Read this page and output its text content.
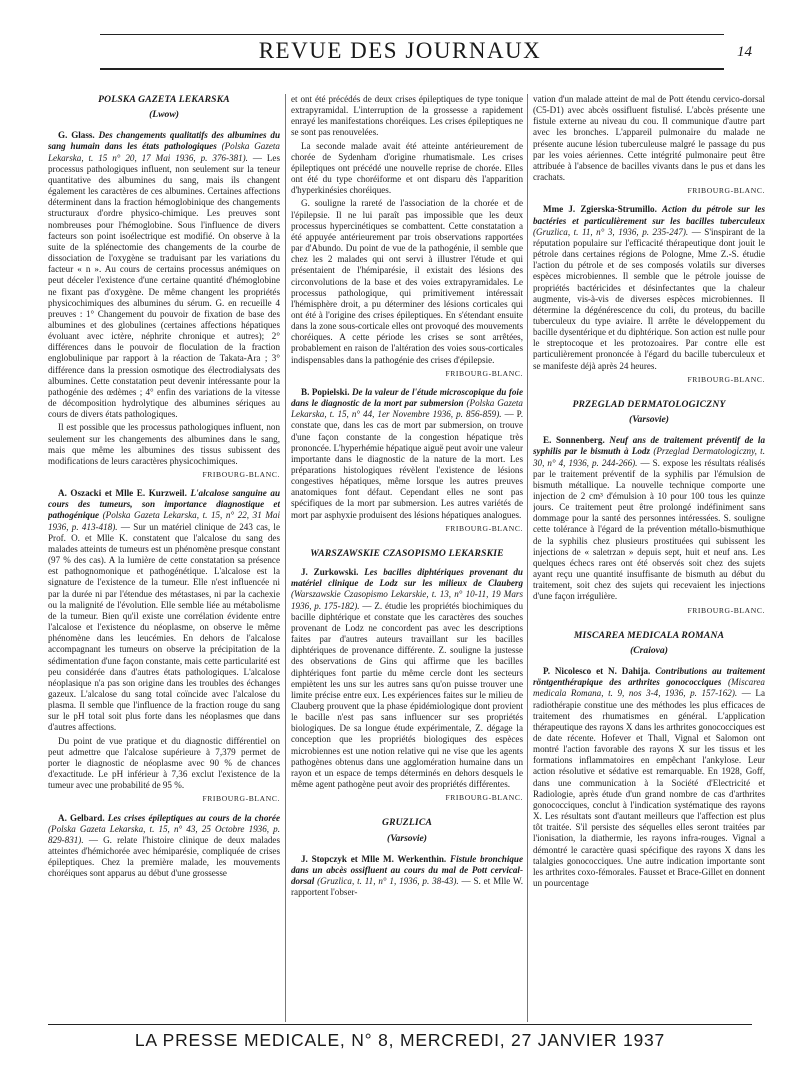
REVUE DES JOURNAUX	14
POLSKA GAZETA LEKARSKA
(Lwow)

G. Glass. Des changements qualitatifs des albumines du sang humain dans les états pathologiques (Polska Gazeta Lekarska, t. 15 n° 20, 17 Mai 1936, p. 376-381). — Les processus pathologiques influent, non seulement sur la teneur quantitative des albumines du sang, mais ils changent également les caractères de ces albumines. Certaines affections déterminent dans la fraction hémoglobinique des changements structuraux d'ordre physico-chimique. Les preuves sont nombreuses pour l'hémoglobine. Sous l'influence de divers facteurs son point isoélectrique est modifié. On observe à la suite de la splénectomie des changements de la courbe de dissociation de l'oxygène se traduisant par les variations du facteur « n ». Au cours de certains processus anémiques on peut déceler l'existence d'une certaine quantité d'hémoglobine ne fixant pas d'oxygène. De même changent les propriétés physicochimiques des albumines du sérum. G. en recueille 4 preuves : 1° Changement du pouvoir de fixation de base des albumines et des globulines (certaines affections hépatiques évoluant avec ictère, néphrite chronique et autres); 2° différences dans le pouvoir de floculation de la fraction englobulinique par rapport à la réaction de Takata-Ara ; 3° différence dans la pression osmotique des électrodialysats des albumines. Cette constatation peut devenir intéressante pour la pathogénie des œdèmes ; 4° enfin des variations de la vitesse de décomposition hydrolytique des albumines sériques au cours de divers états pathologiques.

Il est possible que les processus pathologiques influent, non seulement sur les changements des albumines dans le sang, mais que même les albumines des tissus subissent des modifications de leurs caractères physicochimiques.

FRIBOURG-BLANC.

A. Oszacki et Mlle E. Kurzweil. L'alcalose sanguine au cours des tumeurs, son importance diagnostique et pathogénique (Polska Gazeta Lekarska, t. 15, n° 22, 31 Mai 1936, p. 413-418). — Sur un matériel clinique de 243 cas, le Prof. O. et Mlle K. constatent que l'alcalose du sang des malades atteints de tumeurs est un phénomène presque constant (97 % des cas). A la lumière de cette constatation sa présence est pathognomonique et pathogénétique. L'alcalose est la signature de l'existence de la tumeur. Elle n'est influencée ni par la durée ni par l'étendue des métastases, ni par la cachexie ou la malignité de l'évolution. Elle semble liée au métabolisme de la tumeur. Bien qu'il existe une corrélation évidente entre l'alcalose et l'existence du néoplasme, on observe le même phénomène dans les leucémies. En dehors de l'alcalose accompagnant les tumeurs on observe la précipitation de la sédimentation d'une façon constante, mais cette particularité est peu considérée dans d'autres états pathologiques. L'alcalose néoplasique n'a pas son origine dans les troubles des échanges gazeux. L'alcalose du sang total coïncide avec l'alcalose du plasma. Il semble que l'influence de la fraction rouge du sang sur le pH total soit plus forte dans les néoplasmes que dans d'autres affections.

Du point de vue pratique et du diagnostic différentiel on peut admettre que l'alcalose supérieure à 7,379 permet de porter le diagnostic de néoplasme avec 90 % de chances d'exactitude. Le pH inférieur à 7,36 exclut l'existence de la tumeur avec une probabilité de 95 %.

FRIBOURG-BLANC.

A. Gelbard. Les crises épileptiques au cours de la chorée (Polska Gazeta Lekarska, t. 15, n° 43, 25 Octobre 1936, p. 829-831). — G. relate l'histoire clinique de deux malades atteintes d'hémichorée avec hémiparésie, compliquée de crises épileptiques. Chez la première malade, les mouvements choréiques sont apparus au début d'une grossesse

et ont été précédés de deux crises épileptiques de type tonique extrapyramidal. L'interruption de la grossesse a rapidement enrayé les manifestations choréiques. Les crises épileptiques ne se sont pas renouvelées.

La seconde malade avait été atteinte antérieurement de chorée de Sydenham d'origine rhumatismale. Les crises épileptiques ont précédé une nouvelle reprise de chorée. Elles ont été du type choréiforme et ont disparu dès l'apparition d'hyperkinésies choréiques.

G. souligne la rareté de l'association de la chorée et de l'épilepsie. Il ne lui paraît pas impossible que les deux processus hypercinétiques se combattent. Cette constatation a été appuyée antérieurement par trois observations rapportées par d'Abundo. Du point de vue de la pathogénie, il semble que chez les 2 malades qui ont servi à illustrer l'étude et qui présentaient de l'hémiparésie, il existait des lésions des circonvolutions de la base et des voies extrapyramidales. Le processus pathologique, qui primitivement intéressait l'hémisphère droit, a pu déterminer des lésions corticales qui ont été à l'origine des crises épileptiques. En s'étendant ensuite dans la zone sous-corticale elles ont provoqué des mouvements choréiques. A cette période les crises se sont arrêtées, probablement en raison de l'altération des voies sous-corticales indispensables dans la pathogénie des crises d'épilepsie.

FRIBOURG-BLANC.

B. Popielski. De la valeur de l'étude microscopique du foie dans le diagnostic de la mort par submersion (Polska Gazeta Lekarska, t. 15, n° 44, 1er Novembre 1936, p. 856-859). — P. constate que, dans les cas de mort par submersion, on trouve d'une façon constante de la congestion hépatique très prononcée. L'hyperhémie hépatique aiguë peut avoir une valeur importante dans le diagnostic de la nature de la mort. Les préparations histologiques révèlent l'existence de lésions congestives hépatiques, même lorsque les autres preuves anatomiques font défaut. Cependant elles ne sont pas spécifiques de la mort par submersion. Les autres variétés de mort par asphyxie produisent des lésions hépatiques analogues.

FRIBOURG-BLANC.
WARSZAWSKIE CZASOPISMO LEKARSKIE

J. Zurkowski. Les bacilles diphtériques provenant du matériel clinique de Lodz sur les milieux de Clauberg (Warszawskie Czasopismo Lekarskie, t. 13, n° 10-11, 19 Mars 1936, p. 175-182). — Z. étudie les propriétés biochimiques du bacille diphtérique et constate que les caractères des souches provenant de Lodz ne concordent pas avec les descriptions faites par d'autres auteurs travaillant sur les bacilles diphtériques de provenance différente. Z. souligne la justesse des observations de Gins qui affirme que les bacilles diphtériques font partie du même cercle dont les secteurs empiètent les uns sur les autres sans qu'on puisse trouver une limite précise entre eux. Les expériences faites sur le milieu de Clauberg prouvent que la phase épidémiologique dont provient le bacille n'est pas sans influencer sur ses propriétés biologiques. De sa longue étude expérimentale, Z. dégage la conception que les propriétés biologiques des espèces microbiennes est une notion relative qui ne vise que les agents pathogènes obtenus dans une agglomération humaine dans un rayon et un espace de temps déterminés en dehors desquels le même agent pathogène peut avoir des propriétés différentes.

FRIBOURG-BLANC.
GRUZLICA
(Varsovie)

J. Stopczyk et Mlle M. Werkenthin. Fistule bronchique dans un abcès ossifluent au cours du mal de Pott cervical-dorsal (Gruzlica, t. 11, n° 1, 1936, p. 38-43). — S. et Mlle W. rapportent l'obser-

vation d'un malade atteint de mal de Pott étendu cervico-dorsal (C5-D1) avec abcès ossifluent fistulisé. L'abcès présente une fistule externe au niveau du cou. Il communique d'autre part avec les bronches. L'appareil pulmonaire du malade ne présente aucune lésion tuberculeuse malgré le passage du pus par les voies aériennes. Cette intégrité pulmonaire peut être attribuée à l'absence de bacilles vivants dans le pus et dans les crachats.

FRIBOURG-BLANC.

Mme J. Zgierska-Strumillo. Action du pétrole sur les bactéries et particulièrement sur les bacilles tuberculeux (Gruzlica, t. 11, n° 3, 1936, p. 235-247). — S'inspirant de la réputation populaire sur l'efficacité thérapeutique dont jouit le pétrole dans certaines régions de Pologne, Mme Z.-S. étudie l'action du pétrole et de ses composés volatils sur diverses espèces microbiennes. Il semble que le pétrole jouisse de propriétés bactéricides et désinfectantes que la chaleur augmente, vis-à-vis de diverses espèces microbiennes. Il détermine la dégénérescence du coli, du proteus, du bacille tuberculeux du type aviaire. Il arrête le développement du bacille dysentérique et du diphtérique. Son action est nulle pour le streptocoque et les protozoaires. Par contre elle est particulièrement prononcée à l'égard du bacille tuberculeux et se manifeste déjà après 24 heures.

FRIBOURG-BLANC.
PRZEGLAD DERMATOLOGICZNY
(Varsovie)

E. Sonnenberg. Neuf ans de traitement préventif de la syphilis par le bismuth à Lodz (Przeglad Dermatologiczny, t. 30, n° 4, 1936, p. 244-266). — S. expose les résultats réalisés par le traitement préventif de la syphilis par l'émulsion de bismuth métallique. La nouvelle technique comporte une injection de 2 cm³ d'émulsion à 10 pour 100 tous les quinze jours. Ce traitement peut être prolongé indéfiniment sans dommage pour la santé des personnes intéressées. S. souligne cette tolérance à l'égard de la prévention métallo-bismuthique de la syphilis chez plusieurs prostituées qui subissent les injections de « saletrzan » depuis sept, huit et neuf ans. Les quelques échecs rares ont été observés soit chez des sujets ayant reçu une quantité insuffisante de bismuth au début du traitement, soit chez des sujets qui recevaient les injections d'une façon irrégulière.

FRIBOURG-BLANC.
MISCAREA MEDICALA ROMANA
(Craiova)

P. Nicolesco et N. Dahija. Contributions au traitement röntgenthérapique des arthrites gonococciques (Miscarea medicala Romana, t. 9, nos 3-4, 1936, p. 157-162). — La radiothérapie constitue une des méthodes les plus efficaces de traitement des rhumatismes en général. L'application thérapeutique des rayons X dans les arthrites gonococciques est de date récente. Hofever et Thall, Vignal et Salomon ont montré l'action favorable des rayons X sur les tissus et les formations inflammatoires en empêchant l'ankylose. Leur action résolutive et sédative est remarquable. En 1928, Goff, dans une communication à la Société d'Electricité et Radiologie, après étude d'un grand nombre de cas d'arthrites gonococciques, conclut à l'indication systématique des rayons X. Les résultats sont d'autant meilleurs que l'affection est plus tôt traitée. S'il persiste des séquelles elles seront traitées par l'ionisation, la diathermie, les rayons infra-rouges. Vignal a démontré le caractère quasi spécifique des rayons X dans les talalgies gonococciques. Une autre indication importante sont les arthrites coxo-fémorales. Fausset et Brace-Gillet en donnent un pourcentage

LA PRESSE MEDICALE, N° 8, MERCREDI, 27 JANVIER 1937
